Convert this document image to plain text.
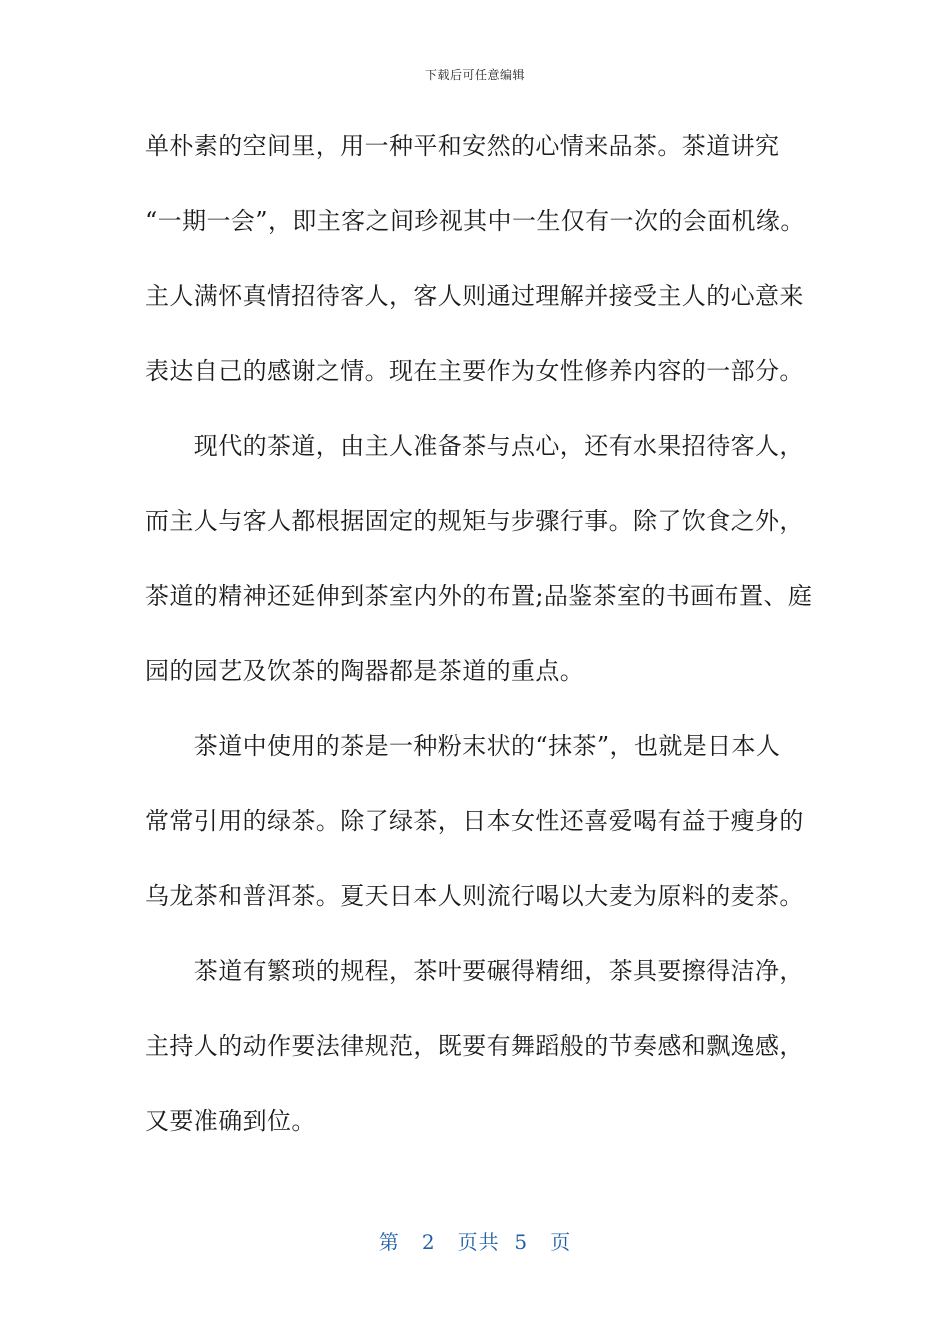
下载后可任意编辑
单朴素的空间里，用一种平和安然的心情来品茶。茶道讲究
“一期一会”，即主客之间珍视其中一生仅有一次的会面机缘。
主人满怀真情招待客人，客人则通过理解并接受主人的心意来
表达自己的感谢之情。现在主要作为女性修养内容的一部分。
　　现代的茶道，由主人准备茶与点心，还有水果招待客人，
而主人与客人都根据固定的规矩与步骤行事。除了饮食之外，
茶道的精神还延伸到茶室内外的布置;品鉴茶室的书画布置、庭
园的园艺及饮茶的陶器都是茶道的重点。
　　茶道中使用的茶是一种粉末状的“抹茶”，也就是日本人
常常引用的绿茶。除了绿茶，日本女性还喜爱喝有益于瘦身的
乌龙茶和普洱茶。夏天日本人则流行喝以大麦为原料的麦茶。
　　茶道有繁琐的规程，茶叶要碾得精细，茶具要擦得洁净，
主持人的动作要法律规范，既要有舞蹈般的节奏感和飘逸感，
又要准确到位。
第 2 页共 5 页
